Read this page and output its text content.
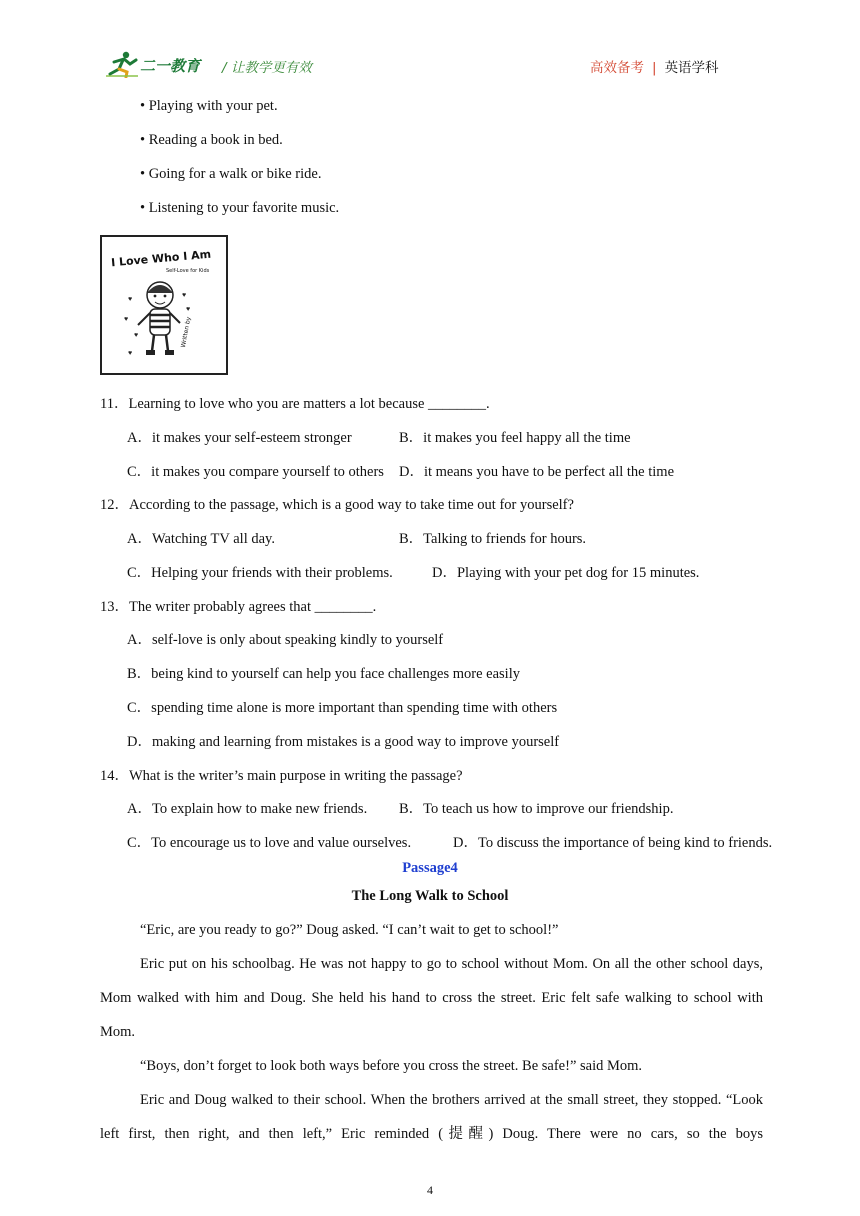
二一教育 / 让教学更有效	高效备考 | 英语学科
• Playing with your pet.
• Reading a book in bed.
• Going for a walk or bike ride.
• Listening to your favorite music.
I Love Who I Am
Self-Love for Kids
♥
♥
♥
♥
♥
♥
Written by
11．Learning to love who you are matters a lot because ________.
A．it makes your self-esteem stronger	B．it makes you feel happy all the time
C．it makes you compare yourself to others D．it means you have to be perfect all the time
12．According to the passage, which is a good way to take time out for yourself?
A．Watching TV all day.	B．Talking to friends for hours.
C．Helping your friends with their problems.	D．Playing with your pet dog for 15 minutes.
13．The writer probably agrees that ________.
A．self-love is only about speaking kindly to yourself
B．being kind to yourself can help you face challenges more easily
C．spending time alone is more important than spending time with others
D．making and learning from mistakes is a good way to improve yourself
14．What is the writer’s main purpose in writing the passage?
A．To explain how to make new friends. B．To teach us how to improve our friendship.
C．To encourage us to love and value ourselves.	D．To discuss the importance of being kind to friends.
Passage4
The Long Walk to School
“Eric, are you ready to go?” Doug asked. “I can’t wait to get to school!”
Eric put on his schoolbag. He was not happy to go to school without Mom. On all the other school days, Mom walked with him and Doug. She held his hand to cross the street. Eric felt safe walking to school with Mom.
“Boys, don’t forget to look both ways before you cross the street. Be safe!” said Mom.
Eric and Doug walked to their school. When the brothers arrived at the small street, they stopped. “Look left first, then right, and then left,” Eric reminded (提醒) Doug. There were no cars, so the boys
4
